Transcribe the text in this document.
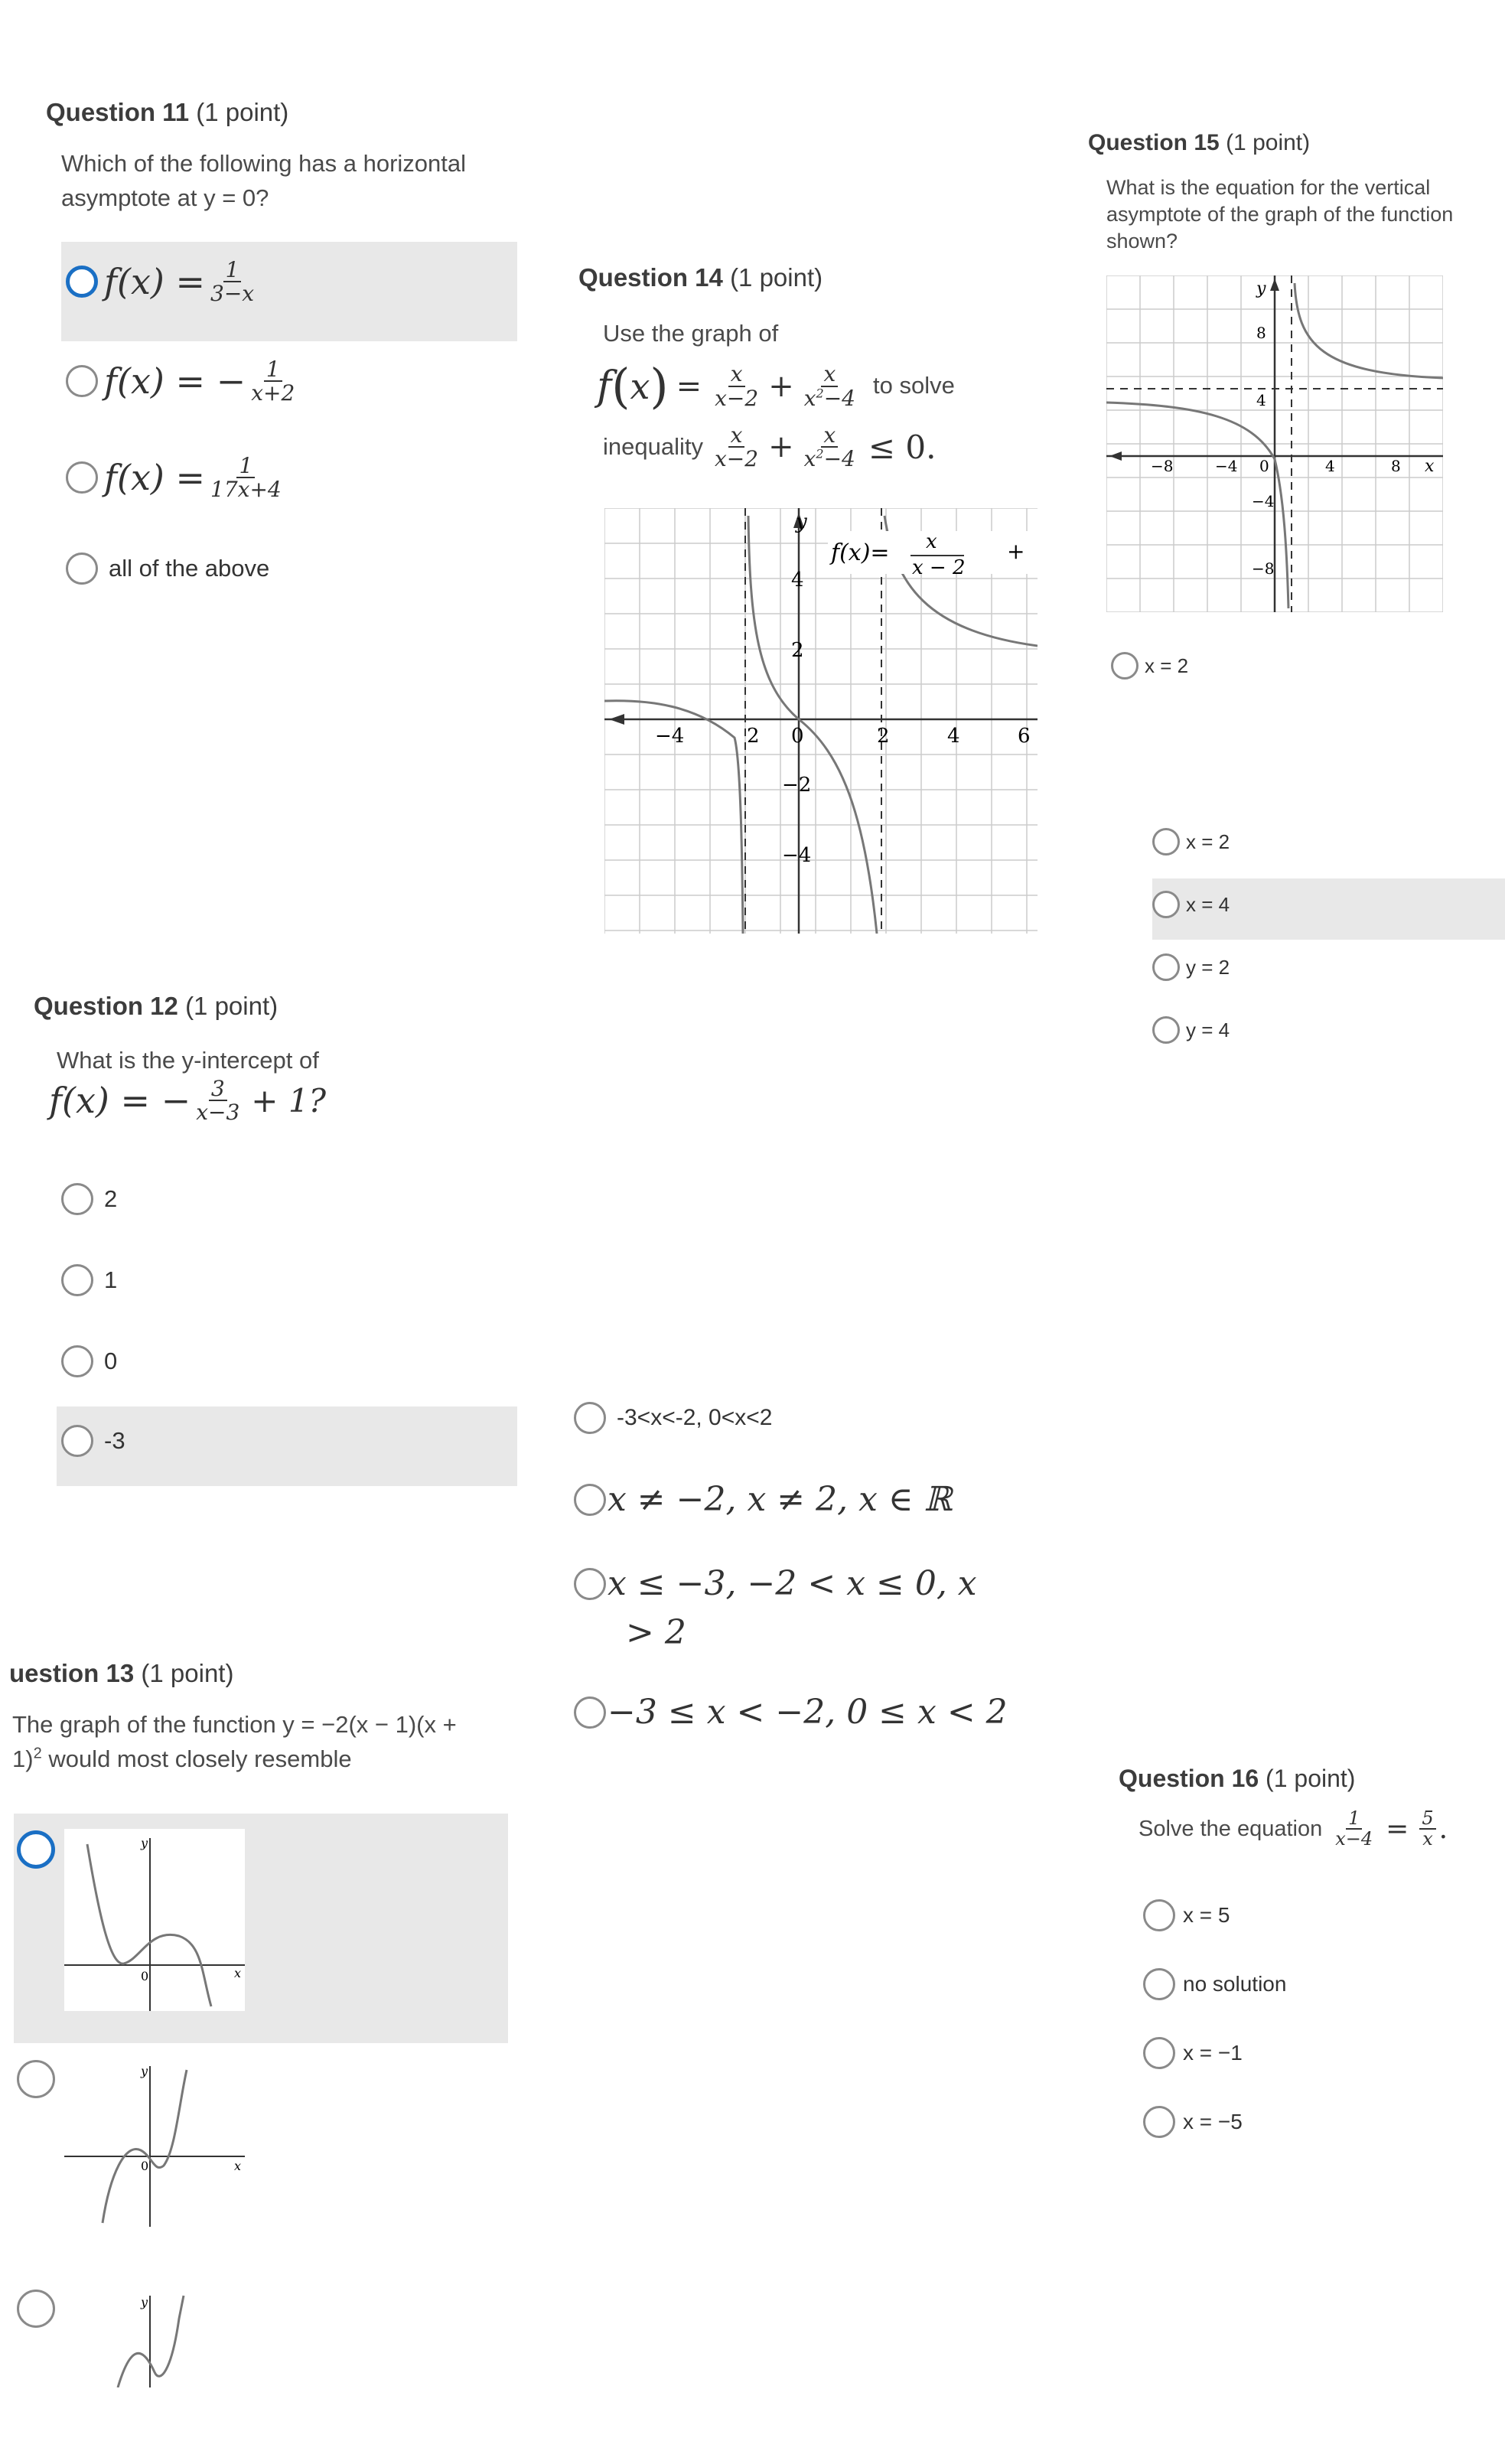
Question 11 (1 point)
Which of the following has a horizontal asymptote at y = 0?
$f(x) = \frac{1}{3-x}$
f(x) = − $\frac{1}{x+2}$
$f(x) = \frac{1}{17x+4}$
all of the above
Question 12 (1 point)
What is the y-intercept of
f(x) = − $\frac{3}{x-3} + 1$?
2
1
0
-3
uestion 13 (1 point)
The graph of the function y = −2(x − 1)(x +
1)$^2$ would most closely resemble
y
x
0
y
x
0
y
Question 14 (1 point)
Use the graph of
f ( x ) = $\frac{x}{x-2} + \frac{x}{x^2-4}$ to solve
inequality $\frac{x}{x-2} + \frac{x}{x^2-4} \le 0$.
y
−4	2 0	2	4	6
4
2
−2
−4
f(x)= x
x − 2
+
-3<x<-2, 0<x<2
x ≠ −2, x ≠ 2, x ∈ ℝ
x ≤ −3, −2 < x ≤ 0, x
> 2
−3 ≤ x < −2, 0 ≤ x < 2
Question 15 (1 point)
What is the equation for the vertical asymptote of the graph of the function shown?
y
x
−8	−4 0	4	8
8
4
−4
−8
x = 2
x = 2
x = 4
y = 2
y = 4
Question 16 (1 point)
Solve the equation $\frac{1}{x-4} = \frac{5}{x}$ .
x = 5
no solution
x = −1
x = −5
